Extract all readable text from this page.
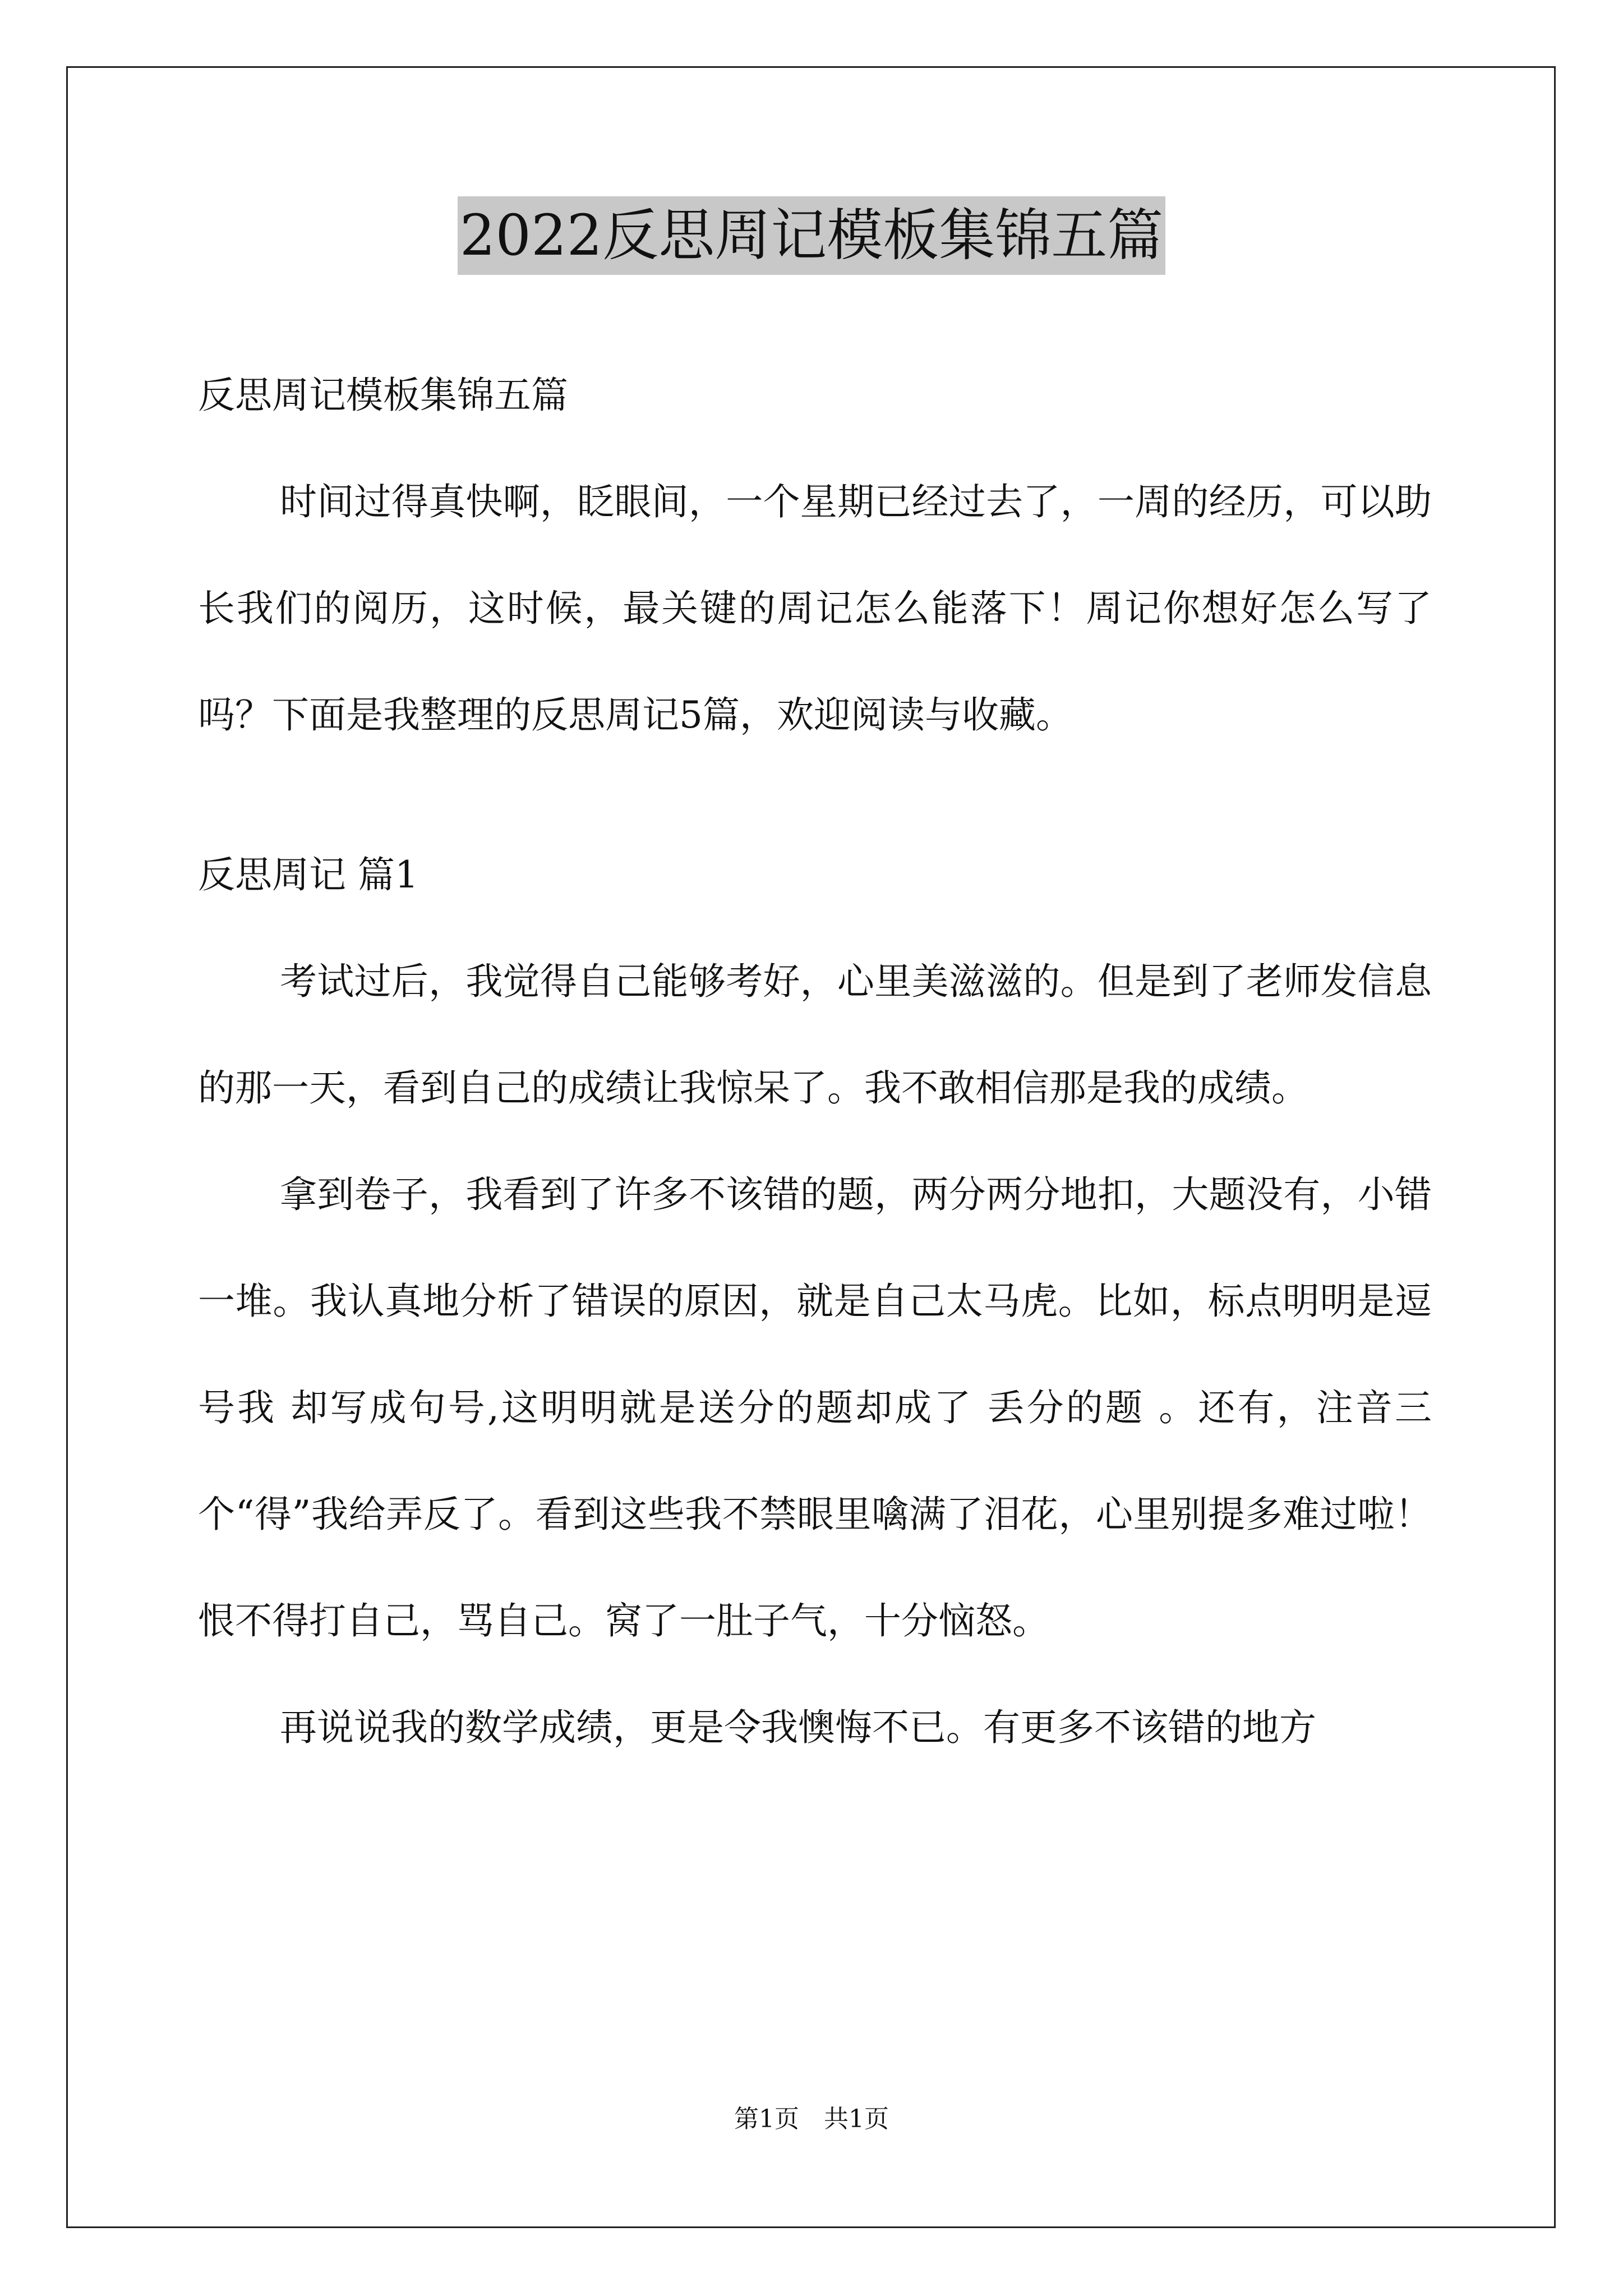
2022反思周记模板集锦五篇

反思周记模板集锦五篇

时间过得真快啊，眨眼间，一个星期已经过去了，一周的经历，可以助长我们的阅历，这时候，最关键的周记怎么能落下！周记你想好怎么写了吗？下面是我整理的反思周记5篇，欢迎阅读与收藏。

反思周记 篇1

考试过后，我觉得自己能够考好，心里美滋滋的。但是到了老师发信息的那一天，看到自己的成绩让我惊呆了。我不敢相信那是我的成绩。

拿到卷子，我看到了许多不该错的题，两分两分地扣，大题没有，小错一堆。我认真地分析了错误的原因，就是自己太马虎。比如，标点明明是逗号我 却写成句号,这明明就是送分的题却成了 丢分的题 。还有，注音三个“得”我给弄反了。看到这些我不禁眼里噙满了泪花，心里别提多难过啦！恨不得打自己，骂自己。窝了一肚子气，十分恼怒。

再说说我的数学成绩，更是令我懊悔不已。有更多不该错的地方

第1页　共1页
